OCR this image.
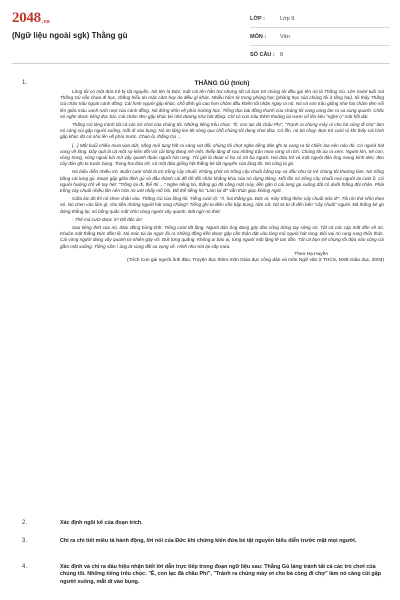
2048 .vn
(Ngữ liệu ngoài sgk) Thằng gù
LỚP :	Lớp 9
MÔN :	Văn
SỐ CÂU : 8
1.	THẰNG GÙ (trích)

Lũng tôi có một đứa trẻ bị tật nguyền. Nó tên là Đức; một cái tên hẳn hoi nhưng tất cả bọn trẻ chúng tôi đều gọi tên nó là Thằng Gù. Lên mười tuổi mà Thằng Gù vẫn chưa đi học, chẳng hiểu do mặc cảm hay do điều gì khác. Nhiều hôm từ trong phòng học (phòng học của chúng tôi ở tầng hai), tôi thấy Thằng Gù chăn trâu ngoài cánh đồng. Cái hình người gập khúc, chỗ đỉnh gù cao hơn chỏm đầu khiến tôi nhận ngay ra nó. Nó và con trâu giống như hai chấm đen nổi lên giữa màu xanh rười rượi của cánh đồng. Nó đứng nhìn về phía trường học. Tiếng đọc bài đồng thanh của chúng tôi vang vang lan ra xa xung quanh. Chắc nó nghe được tiếng đọc bài. Cái chấm đen gập khúc bé nhỏ đương như bất động. Chỉ có con trâu thỉnh thoảng lại vươn cổ lên kêu "nghé ọ" một hồi dài.

Thằng Gù lảng tránh tất cả các trò chơi của chúng tôi. Những tiếng trêu chọc: "Ê, con lạc đà chậu Phi", "Trạnh ra chúng mày ơi cho bà còng đi chợ" làm nó càng cúi gập người xuống, mắt dí vào bụng. Nó im lặng len lét vòng qua chỗ chúng tôi đang chơi đùa. Có lần, nó bỏ chạy. Bọn trẻ cười rú khi thấy cái hình gập khúc đó cứ nhú lên về phía trước. Chao ôi, thằng Gù ...

[...] Một buổi chiều mưa vừa dứt, nắng mới tung hắt ra sáng vạt đồi, chúng tôi chợt nghe tiếng đàn ghi ta vang ra từ chiếc loa nén nào đó. Có người hát vang về lũng. Đây quả là cả một sự kiện đối với cái lũng đang mê mệt, thiếp lặng đi sau những trận mưa rừng rả rích. Chúng tôi ùa ra xem. Người lớn, trẻ con, vòng trong, vòng ngoài kín mít vây quanh đoàn người hát rong. Tôi gửi là đoàn vì họ có tới ba người. Hai đứa trẻ và một người đàn ông mang kính đen, đeo cây đàn ghi ta trước bụng. Trong hai đứa trẻ, có một đứa giống hệt thằng bé tật nguyền của lũng tôi. Nó cũng bị gù.

Nó biểu diễn nhiều trò. Buồn cười nhất là trò trồng cây chuối. Không phải nó trồng cây chuối bằng tay và đầu như từ trẻ chúng tôi thường làm. Nó trồng bằng cái lưng gù. Đoạn gập giữa đỉnh gù và đầu thành cái đế đỡ đôi chân khẳng khiu của nó dựng đứng. Mỗi lần nó trồng cây chuối mọi người lại cười ồ. Có người hướng chỉ về tay hét: "Trồng lại đi, thế thì ..." Nghe tiếng hò, thằng gù đỏ cằng mặt mày, liền gân tí cái lưng gù xuống đất cố dưỡi thẳng đôi chân. Phải trồng cây chuối nhiều lần nên trán nó ướt nhẫy mồ hôi. Đã thế tiếng hò "Làm lại đi" vẫn thúc giục không ngớt.

Giữa lúc đó thì nó chen chân vào. Thằng Gù của lũng tôi. Tiếng cười rộ: "Á, hai thằng gù. Đức ơi, mày trồng thêm cây chuối nữa đi". Tôi nín thở nhìn theo nó. Nó chen vào lâm gì, cho tiền những người hát rong chăng? Tiếng ghi ta điên vẫn bập bùng, rấm rứt. Nó từ từ đi đến bên "cây chuối" người. Đã thằng bé gù đứng thẳng lại, nó bỗng quắc mắt nhìn vòng người vây quanh. Bất ngờ nó thét:

- Thế mà cười được à? Đồ độc ác!

Sau tiếng thét của nó, đám đông bừng tỉnh. Tiếng cười tắt lặng. Người đàn ông đang gảy đàn cũng dừng tay sững sờ. Tất cả các cặp mắt dồn về nó. Khuôn mặt thằng Đức đầm lệ. Nó móc túi áo ngực lôi ra những đồng tiền được gặp cần thận đặt vào lòng mũ người hát rong. Đôi vai nó rung rung thổn thức. Cái vòng người đang vây quanh từ nhiên gãy vỡ. Đứt từng quãng. Không ai bảo ai, từng người một lặng lẽ tan dần. Tất cả bọn trẻ chúng tôi đứa nào cũng cúi gằm mặt xuống. Tiếng sấm ì ùng từ vùng đồi xa vọng về. Hình như trời lại sắp mưa.

Theo Hạ Huyền
(Trích Con gái người lính đảo, Truyện đọc thêm môn Giáo dục công dân và môn Ngữ văn ở THCS, NXB Giáo dục, 2003)
2.	Xác định ngôi kể của đoạn trích.
3.	Chỉ ra chi tiết miêu tả hành động, lời nói của Đức khi chứng kiến đứa bé tật nguyền biểu diễn trước mặt mọi người.
4.	Xác định và chỉ ra dấu hiệu nhận biết lời dẫn trực tiếp trong đoạn ngữ liệu sau: Thằng Gù lảng tránh tất cả các trò chơi của chúng tôi. Những tiếng trêu chọc: "Ê, con lạc đà châu Phi", "Tránh ra chúng mày ơi cho bà còng đi chợ" làm nó càng cúi gập người xuống, mắt dí vào bụng.
